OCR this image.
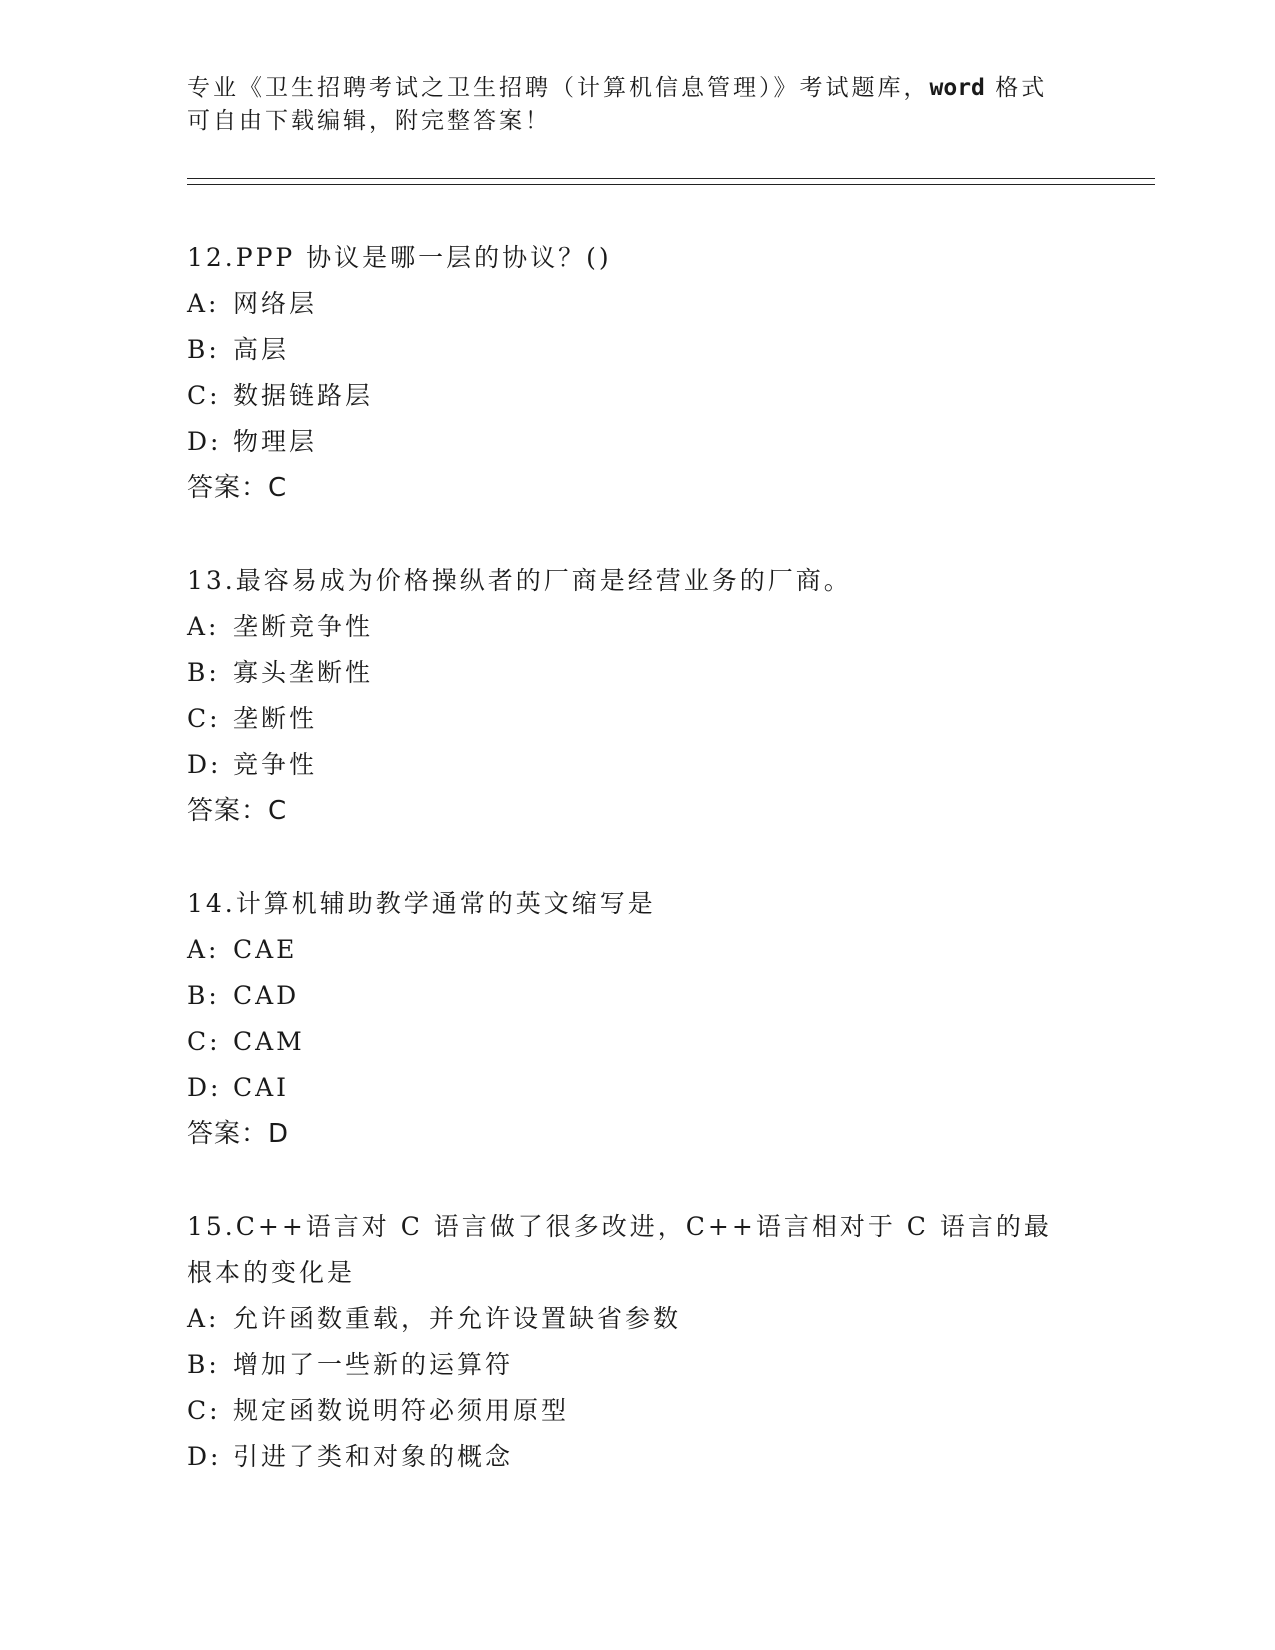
专业《卫生招聘考试之卫生招聘（计算机信息管理）》考试题库，word 格式可自由下载编辑，附完整答案！

12.PPP 协议是哪一层的协议？()

A: 网络层

B: 高层

C: 数据链路层

D: 物理层

答案：C

13.最容易成为价格操纵者的厂商是经营业务的厂商。

A: 垄断竞争性

B: 寡头垄断性

C: 垄断性

D: 竞争性

答案：C

14.计算机辅助教学通常的英文缩写是

A: CAE

B: CAD

C: CAM

D: CAI

答案：D

15.C++语言对 C 语言做了很多改进，C++语言相对于 C 语言的最根本的变化是

A: 允许函数重载，并允许设置缺省参数

B: 增加了一些新的运算符

C: 规定函数说明符必须用原型

D: 引进了类和对象的概念
